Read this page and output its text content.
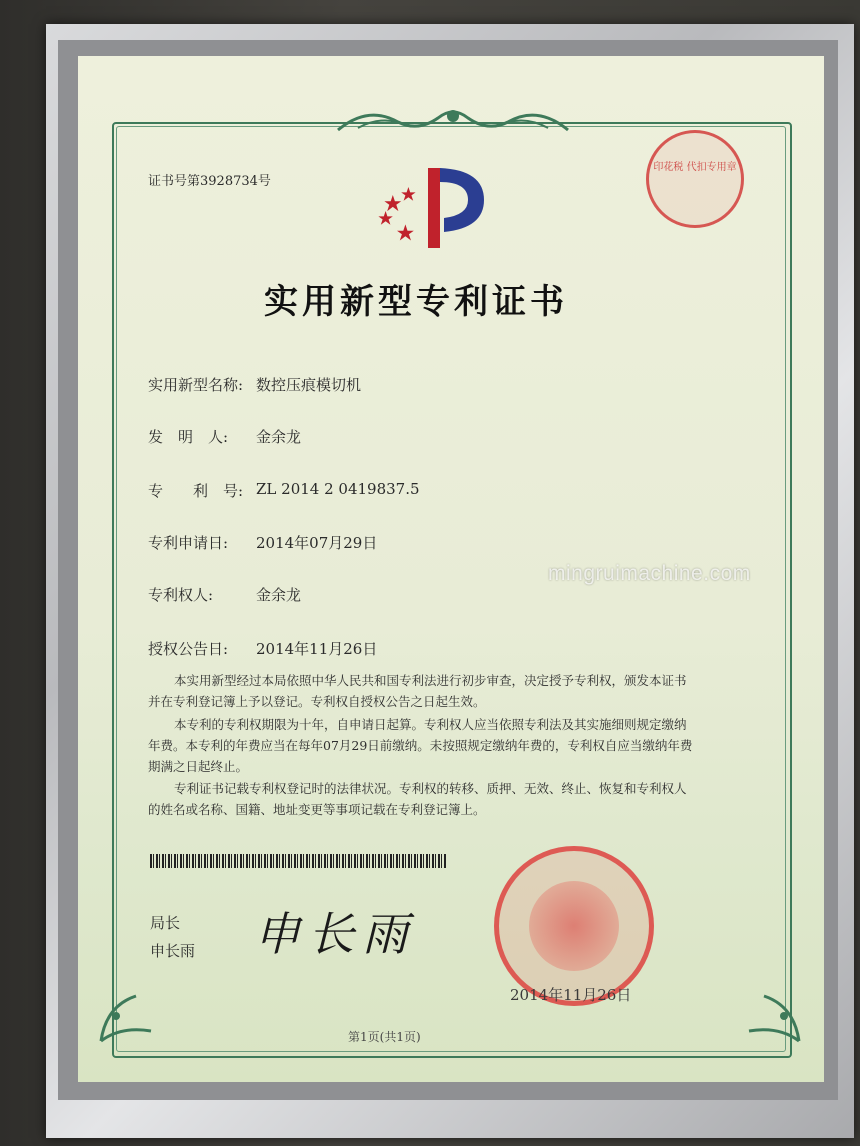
证书号第3928734号
印花税 代扣专用章
实用新型专利证书
实用新型名称: 数控压痕模切机
发　明　人: 金余龙
专　　利　号: ZL 2014 2 0419837.5
专利申请日: 2014年07月29日
mingruimachine.com
专利权人:	金余龙
授权公告日: 2014年11月26日
本实用新型经过本局依照中华人民共和国专利法进行初步审查，决定授予专利权，颁发本证书并在专利登记簿上予以登记。专利权自授权公告之日起生效。
本专利的专利权期限为十年，自申请日起算。专利权人应当依照专利法及其实施细则规定缴纳年费。本专利的年费应当在每年07月29日前缴纳。未按照规定缴纳年费的，专利权自应当缴纳年费期满之日起终止。
专利证书记载专利权登记时的法律状况。专利权的转移、质押、无效、终止、恢复和专利权人的姓名或名称、国籍、地址变更等事项记载在专利登记簿上。
局长
申长雨 申长雨
2014年11月26日
第1页(共1页)
